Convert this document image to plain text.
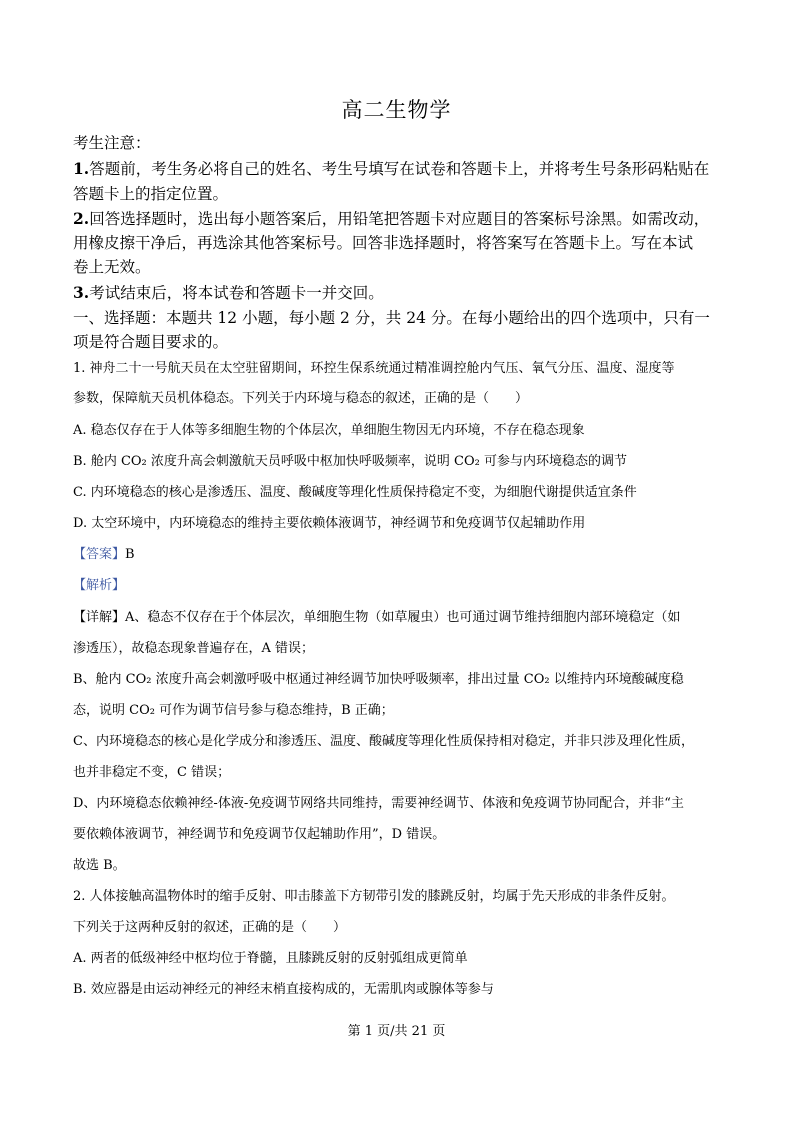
高二生物学
考生注意：
1.答题前，考生务必将自己的姓名、考生号填写在试卷和答题卡上，并将考生号条形码粘贴在
答题卡上的指定位置。
2.回答选择题时，选出每小题答案后，用铅笔把答题卡对应题目的答案标号涂黑。如需改动，
用橡皮擦干净后，再选涂其他答案标号。回答非选择题时，将答案写在答题卡上。写在本试
卷上无效。
3.考试结束后，将本试卷和答题卡一并交回。
一、选择题：本题共 12 小题，每小题 2 分，共 24 分。在每小题给出的四个选项中，只有一
项是符合题目要求的。
1. 神舟二十一号航天员在太空驻留期间，环控生保系统通过精准调控舱内气压、氧气分压、温度、湿度等
参数，保障航天员机体稳态。下列关于内环境与稳态的叙述，正确的是（　　）
A. 稳态仅存在于人体等多细胞生物的个体层次，单细胞生物因无内环境，不存在稳态现象
B. 舱内 CO₂ 浓度升高会刺激航天员呼吸中枢加快呼吸频率，说明 CO₂ 可参与内环境稳态的调节
C. 内环境稳态的核心是渗透压、温度、酸碱度等理化性质保持稳定不变，为细胞代谢提供适宜条件
D. 太空环境中，内环境稳态的维持主要依赖体液调节，神经调节和免疫调节仅起辅助作用
【答案】B
【解析】
【详解】A、稳态不仅存在于个体层次，单细胞生物（如草履虫）也可通过调节维持细胞内部环境稳定（如
渗透压），故稳态现象普遍存在，A 错误；
B、舱内 CO₂ 浓度升高会刺激呼吸中枢通过神经调节加快呼吸频率，排出过量 CO₂ 以维持内环境酸碱度稳
态，说明 CO₂ 可作为调节信号参与稳态维持，B 正确；
C、内环境稳态的核心是化学成分和渗透压、温度、酸碱度等理化性质保持相对稳定，并非只涉及理化性质，
也并非稳定不变，C 错误；
D、内环境稳态依赖神经-体液-免疫调节网络共同维持，需要神经调节、体液和免疫调节协同配合，并非“主
要依赖体液调节，神经调节和免疫调节仅起辅助作用”，D 错误。
故选 B。
2. 人体接触高温物体时的缩手反射、叩击膝盖下方韧带引发的膝跳反射，均属于先天形成的非条件反射。
下列关于这两种反射的叙述，正确的是（　　）
A. 两者的低级神经中枢均位于脊髓，且膝跳反射的反射弧组成更简单
B. 效应器是由运动神经元的神经末梢直接构成的，无需肌肉或腺体等参与
第 1 页/共 21 页
